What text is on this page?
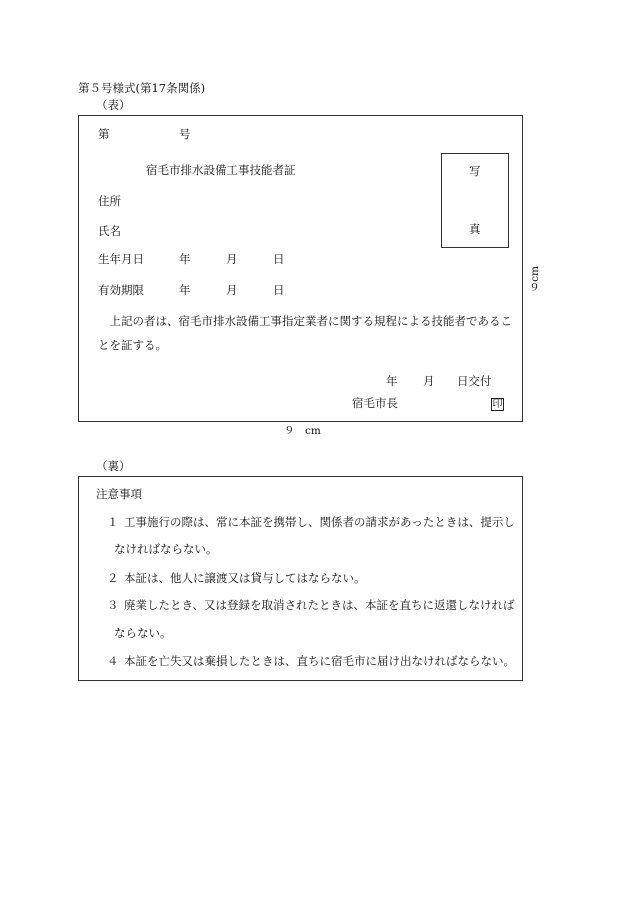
第５号様式(第17条関係)
（表）
第	号
宿毛市排水設備工事技能者証	写
真
住所
氏名
生年月日	年	月	日
有効期限	年	月	日
　上記の者は、宿毛市排水設備工事指定業者に関する規程による技能者であるこ
とを証する。
年 月 日交付
宿毛市長	印
９　cm
６cm
（裏）
注意事項
１ 工事施行の際は、常に本証を携帯し、関係者の請求があったときは、提示し
なければならない。
２ 本証は、他人に譲渡又は貸与してはならない。
３ 廃業したとき、又は登録を取消されたときは、本証を直ちに返還しなければ
ならない。
４ 本証を亡失又は棄損したときは、直ちに宿毛市に届け出なければならない。
